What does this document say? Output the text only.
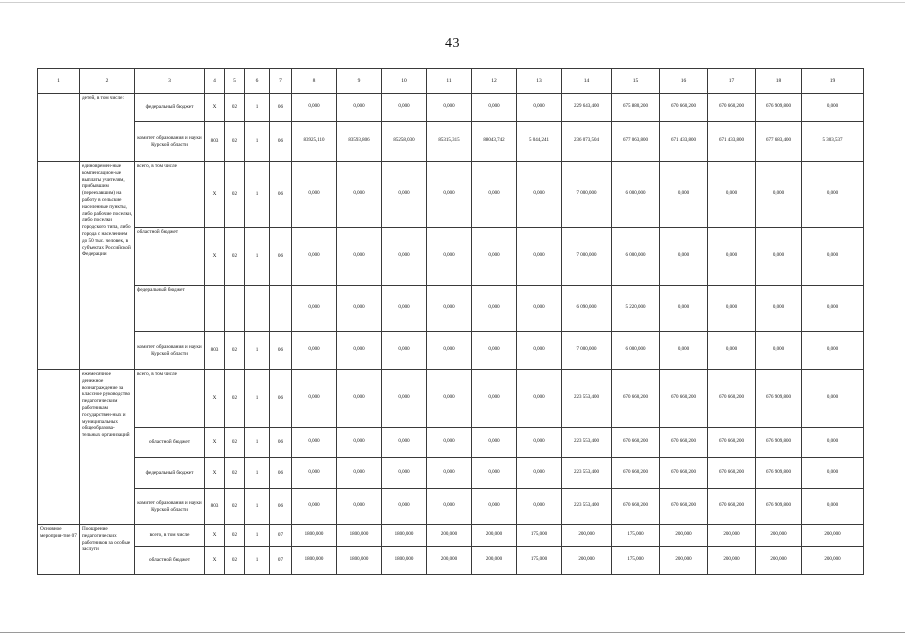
43
1	2	3	4	5	6	7	8	9	10	11	12	13	14	15	16	17	18	19
	детей, в том числе:	федеральный бюджет	Х	02	1	06	0,000	0,000	0,000	0,000	0,000	0,000	229 643,400	675 880,200	670 660,200	670 660,200	676 909,800	0,000
		комитет образования и науки Курской области	803	02	1	06	83925,110	83593,806	85258,030	85315,315	88043,742	5 044,241	236 073,504	677 063,800	671 433,800	671 433,800	677 683,400	5 303,537
	единовремен-ные компенсацион-ые выплаты учителям, прибывшим (переехавшим) на работу в сельские населенные пункты, либо рабочие поселки, либо поселки городского типа, либо города с населением до 50 тыс. человек, в субъектах Российской Федерации	всего, в том числе	Х	02	1	06	0,000	0,000	0,000	0,000	0,000	0,000	7 000,000	6 000,000	0,000	0,000	0,000	0,000
		областной бюджет	Х	02	1	06	0,000	0,000	0,000	0,000	0,000	0,000	7 000,000	6 000,000	0,000	0,000	0,000	0,000
		федеральный бюджет					0,000	0,000	0,000	0,000	0,000	0,000	6 090,000	5 220,000	0,000	0,000	0,000	0,000
		комитет образования и науки Курской области	803	02	1	06	0,000	0,000	0,000	0,000	0,000	0,000	7 000,000	6 000,000	0,000	0,000	0,000	0,000
	ежемесячное денежное вознаграждение за классное руководство педагогическим работникам государствен-ных и муниципальных общеобразова-тельных организаций	всего, в том числе	Х	02	1	06	0,000	0,000	0,000	0,000	0,000	0,000	223 553,400	670 660,200	670 660,200	670 660,200	676 909,800	0,000
		областной бюджет	Х	02	1	06	0,000	0,000	0,000	0,000	0,000	0,000	223 553,400	670 660,200	670 660,200	670 660,200	676 909,800	0,000
		федеральный бюджет	Х	02	1	06	0,000	0,000	0,000	0,000	0,000	0,000	223 553,400	670 660,200	670 660,200	670 660,200	676 909,800	0,000
		комитет образования и науки Курской области	803	02	1	06	0,000	0,000	0,000	0,000	0,000	0,000	223 553,400	670 660,200	670 660,200	670 660,200	676 909,800	0,000
Основное мероприя-тие 07	Поощрение педагогических работников за особые заслуги	всего, в том числе	Х	02	1	07	1800,000	1800,000	1800,000	200,000	200,000	175,000	200,000	175,000	200,000	200,000	200,000	200,000
		областной бюджет	Х	02	1	07	1800,000	1800,000	1800,000	200,000	200,000	175,000	200,000	175,000	200,000	200,000	200,000	200,000
